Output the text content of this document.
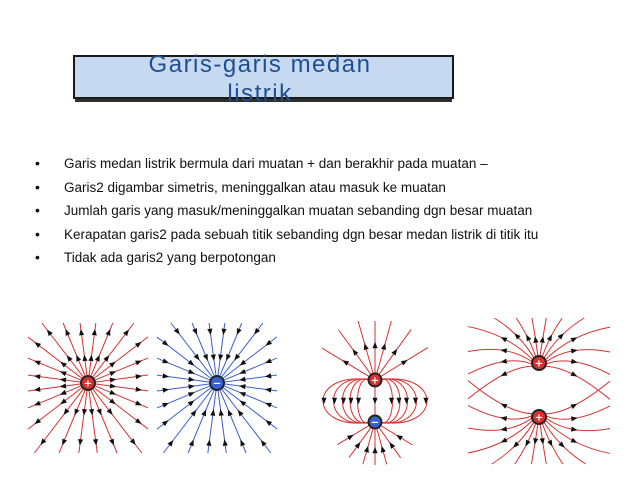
Garis-garis medan
listrik
• Garis medan listrik bermula dari muatan + dan berakhir pada muatan –
• Garis2 digambar simetris, meninggalkan atau masuk ke muatan
• Jumlah garis yang masuk/meninggalkan muatan sebanding dgn besar muatan
• Kerapatan garis2 pada sebuah titik sebanding dgn besar medan listrik di titik itu
• Tidak ada garis2 yang berpotongan
+	−	+
−
+
+
